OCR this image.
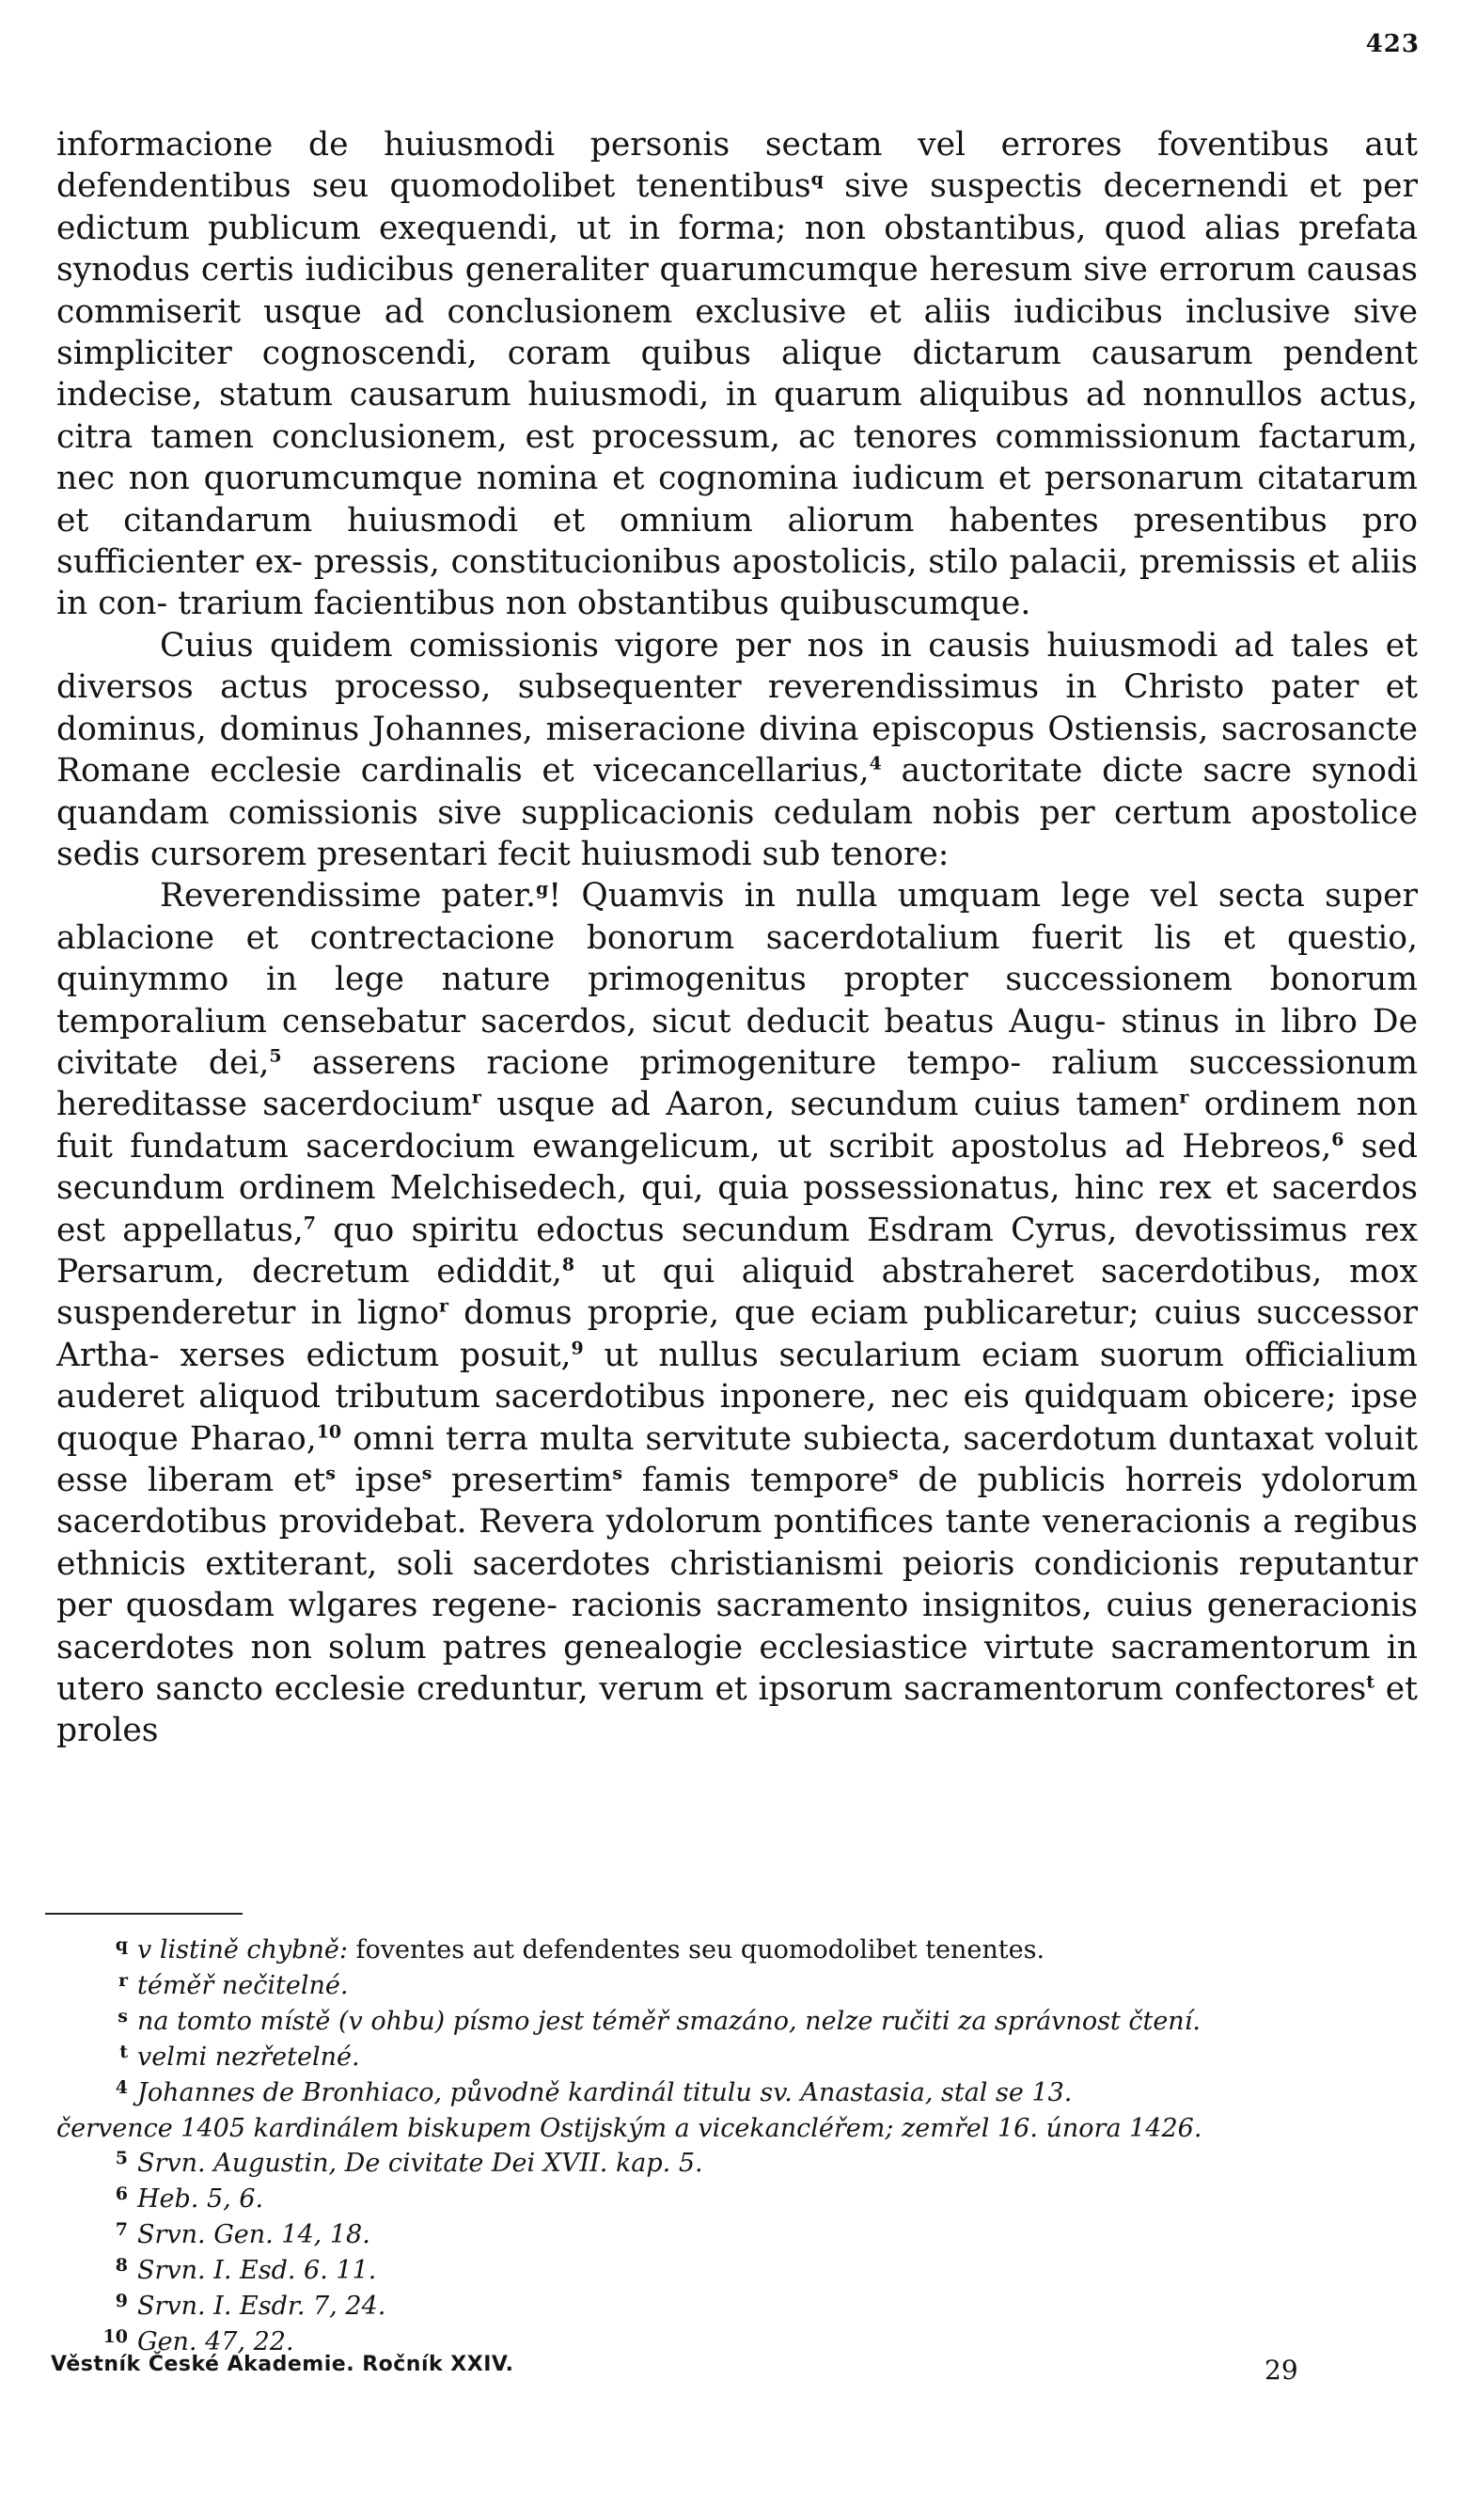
423

informacione de huiusmodi personis sectam vel errores foventibus aut defendentibus seu quomodolibet tenentibus$^q$ sive suspectis decernendi et per edictum publicum exequendi, ut in forma; non obstantibus, quod alias prefata synodus certis iudicibus generaliter quarumcumque heresum sive errorum causas commiserit usque ad conclusionem exclusive et aliis iudicibus inclusive sive simpliciter cognoscendi, coram quibus alique dictarum causarum pendent indecise, statum causarum huiusmodi, in quarum aliquibus ad nonnullos actus, citra tamen conclusionem, est processum, ac tenores commissionum factarum, nec non quorumcumque nomina et cognomina iudicum et personarum citatarum et citandarum huiusmodi et omnium aliorum habentes presentibus pro sufficienter ex- pressis, constitucionibus apostolicis, stilo palacii, premissis et aliis in con- trarium facientibus non obstantibus quibuscumque.

Cuius quidem comissionis vigore per nos in causis huiusmodi ad tales et diversos actus processo, subsequenter reverendissimus in Christo pater et dominus, dominus Johannes, miseracione divina episcopus Ostiensis, sacrosancte Romane ecclesie cardinalis et vicecancellarius,$^4$ auctoritate dicte sacre synodi quandam comissionis sive supplicacionis cedulam nobis per certum apostolice sedis cursorem presentari fecit huiusmodi sub tenore:

Reverendissime pater.$^g$! Quamvis in nulla umquam lege vel secta super ablacione et contrectacione bonorum sacerdotalium fuerit lis et questio, quinymmo in lege nature primogenitus propter successionem bonorum temporalium censebatur sacerdos, sicut deducit beatus Augu- stinus in libro De civitate dei,$^5$ asserens racione primogeniture tempo- ralium successionum hereditasse sacerdocium$^r$ usque ad Aaron, secundum cuius tamen$^r$ ordinem non fuit fundatum sacerdocium ewangelicum, ut scribit apostolus ad Hebreos,$^6$ sed secundum ordinem Melchisedech, qui, quia possessionatus, hinc rex et sacerdos est appellatus,$^7$ quo spiritu edoctus secundum Esdram Cyrus, devotissimus rex Persarum, decretum ediddit,$^8$ ut qui aliquid abstraheret sacerdotibus, mox suspenderetur in ligno$^r$ domus proprie, que eciam publicaretur; cuius successor Artha- xerses edictum posuit,$^9$ ut nullus secularium eciam suorum officialium auderet aliquod tributum sacerdotibus inponere, nec eis quidquam obicere; ipse quoque Pharao,$^{10}$ omni terra multa servitute subiecta, sacerdotum duntaxat voluit esse liberam $et^s$ ipse$^s$ presertim$^s$ famis tempore$^s$ de publicis horreis ydolorum sacerdotibus providebat. Revera ydolorum pontifices tante veneracionis a regibus ethnicis extiterant, soli sacerdotes christianismi peioris condicionis reputantur per quosdam wlgares regene- racionis sacramento insignitos, cuius generacionis sacerdotes non solum patres genealogie ecclesiastice virtute sacramentorum in utero sancto ecclesie creduntur, verum et ipsorum sacramentorum confectores$^t$ et proles

q v listině chybně: foventes aut defendentes seu quomodolibet tenentes.
r téměř nečitelné.
s na tomto místě (v ohbu) písmo jest téměř smazáno, nelze ručiti za správnost čtení.
t velmi nezřetelné.
4 Johannes de Bronhiaco, původně kardinál titulu sv. Anastasia, stal se 13.
července 1405 kardinálem biskupem Ostijským a vicekancléřem; zemřel 16. února 1426.
5 Srvn. Augustin, De civitate Dei XVII. kap. 5.
6 Heb. 5, 6.
7 Srvn. Gen. 14, 18.
8 Srvn. I. Esd. 6. 11.
9 Srvn. I. Esdr. 7, 24.
10 Gen. 47, 22.
Věstník České Akademie. Ročník XXIV.	29
